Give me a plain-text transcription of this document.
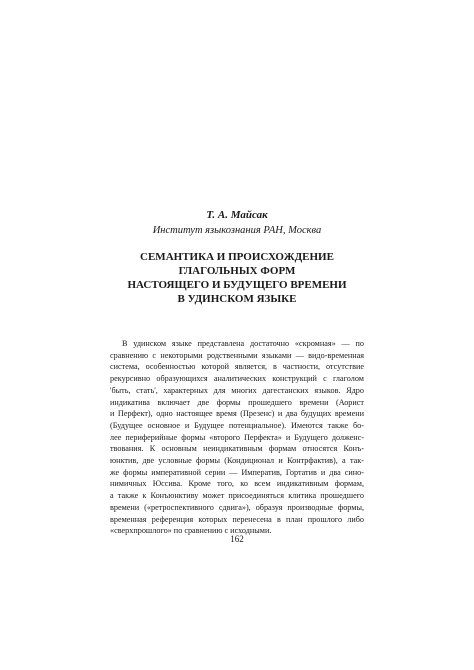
Т. А. Майсак
Институт языкознания РАН, Москва
СЕМАНТИКА И ПРОИСХОЖДЕНИЕ
ГЛАГОЛЬНЫХ ФОРМ
НАСТОЯЩЕГО И БУДУЩЕГО ВРЕМЕНИ
В УДИНСКОМ ЯЗЫКЕ
В удинском языке представлена достаточно «скромная» — по
сравнению с некоторыми родственными языками — видо-временная
система, особенностью которой является, в частности, отсутствие
рекурсивно образующихся аналитических конструкций с глаголом
'быть, стать', характерных для многих дагестанских языков. Ядро
индикатива включает две формы прошедшего времени (Аорист
и Перфект), одно настоящее время (Презенс) и два будущих времени
(Будущее основное и Будущее потенциальное). Имеются также бо-
лее периферийные формы «второго Перфекта» и Будущего долженс-
твования. К основным неиндикативным формам относятся Конъ-
юнктив, две условные формы (Кондиционал и Контрфактив), а так-
же формы императивной серии — Императив, Гортатив и два сино-
нимичных Юссива. Кроме того, ко всем индикативным формам,
а также к Конъюнктиву может присоединяться клитика прошедшего
времени («ретроспективного сдвига»), образуя производные формы,
временная референция которых перенесена в план прошлого либо
«сверхпрошлого» по сравнению с исходными.
162
